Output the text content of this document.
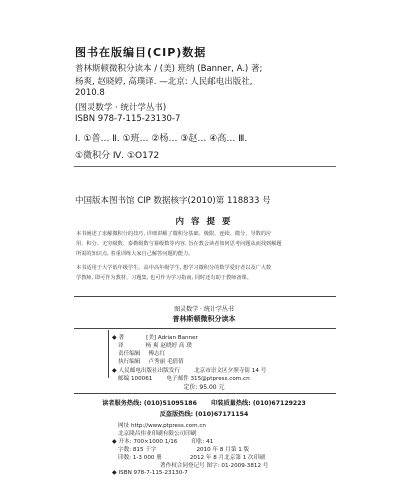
图书在版编目(CIP)数据
普林斯顿微积分读本 / (美) 班纳 (Banner, A.) 著;
杨爽, 赵晓婷, 高璞译. —北京: 人民邮电出版社,
2010.8
(图灵数学 · 统计学丛书)
ISBN 978-7-115-23130-7
Ⅰ. ①普… Ⅱ. ①班… ②杨… ③赵… ④高… Ⅲ.
①微积分 Ⅳ. ①O172
中国版本图书馆 CIP 数据核字(2010)第 118833 号
内 容 提 要
本书阐述了求解微积分的技巧, 详细讲解了微积分基础、极限、连续、微分、导数的应
用、积分、无穷级数、泰勒级数与幂级数等内容, 旨在教会读者如何思考问题从而找到解题
所需的知识点, 着重训练大家自己解答问题的能力。
本书适用于大学低年级学生、高中高年级学生, 想学习微积分的数学爱好者以及广大数
学教师, 即可作为教材、习题集, 也可作为学习指南, 同时还有助于教师备课。
图灵数学 · 统计学丛书
普林斯顿微积分读本
◆ 著	[美] Adrian Banner
译	杨 爽 赵晓婷 高 璞
责任编辑 傅志红
执行编辑 卢秀丽 毛倩倩
◆ 人民邮电出版社出版发行	北京市崇文区夕照寺街 14 号
邮编 100061	电子邮件 315@ptpress.com.cn
定价: 95.00 元
读者服务热线: (010)51095186 印装质量热线: (010)67129223
反盗版热线: (010)67171154
网址 http://www.ptpress.com.cn
北京隆昌伟业印刷有限公司印刷
◆ 开本: 700×1000 1/16	印张: 41
字数: 815 千字	2010 年 8 月第 1 版
印数: 1-3 000 册	2012 年 8 月北京第 1 次印刷
著作权合同登记号 图字: 01-2009-3812 号
◆ ISBN 978-7-115-23130-7
